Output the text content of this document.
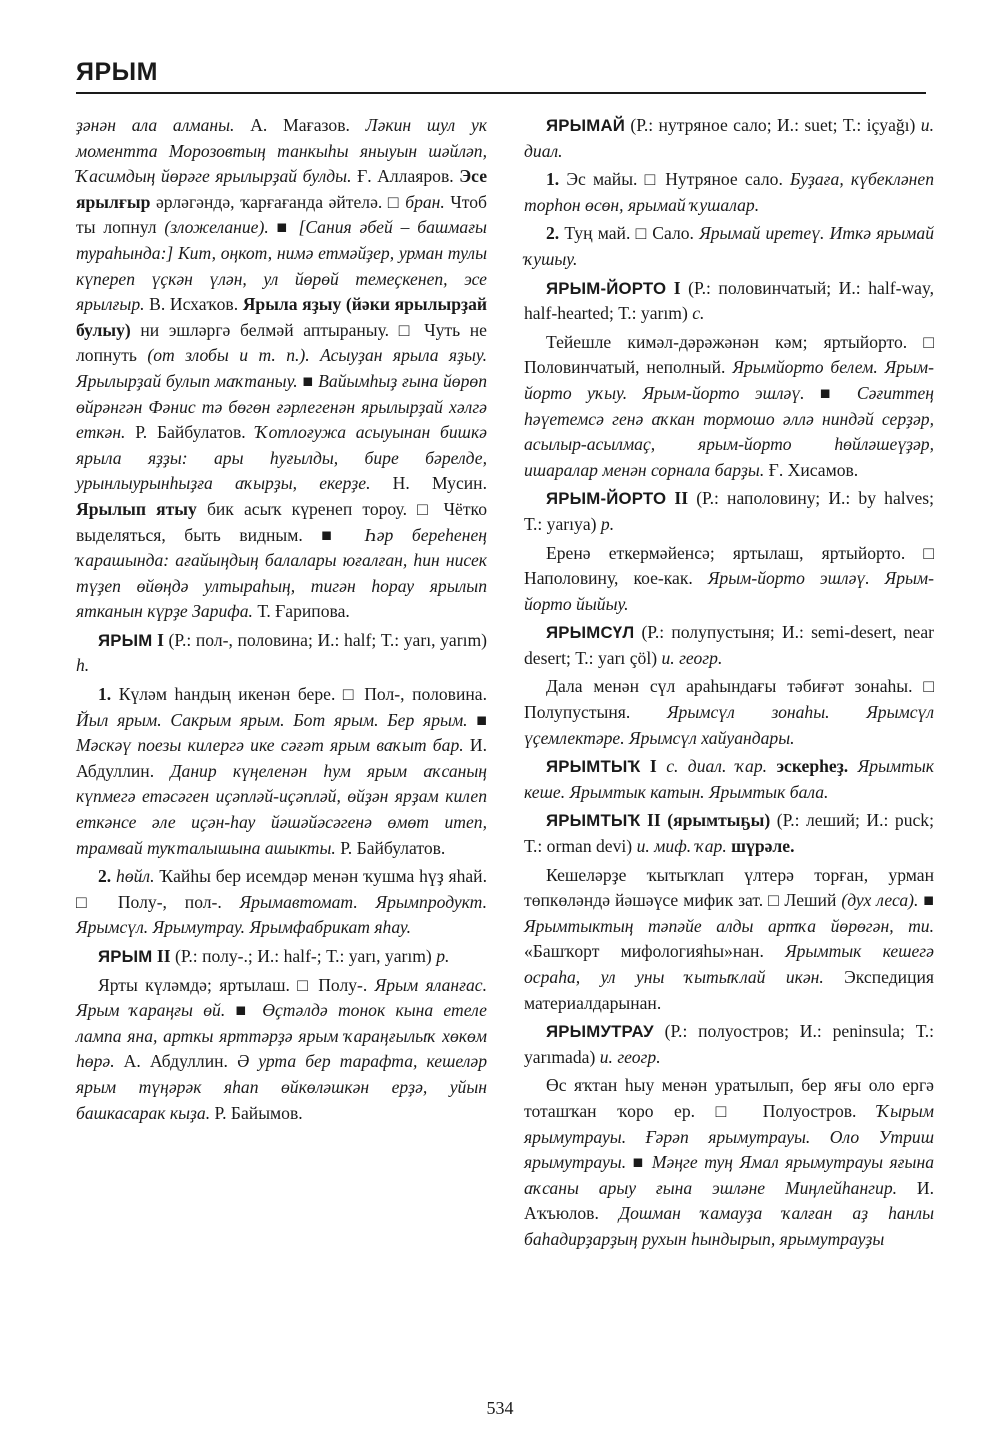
ЯРЫМ

ҙәнән ала алманы. А. Мағазов. Ләкин шул ук моментта Морозовтың танкыһы яныуын шәйләп, Ҡасимдың йөрәге ярылырҙай булды. Ғ. Аллаяров. Эсе ярылғыр әрләгәндә, ҡарғағанда әйтелә. □ бран. Чтоб ты лопнул (зложелание). ■ [Сания әбей – башмағы тураһында:] Кит, оңкот, нимә етмәйҙер, урман тулы күпереп үҫкән үлән, ул йөрөй темеҫкенеп, эсе ярылғыр. В. Исхаҡов. Ярыла яҙыу (йәки ярылырҙай булыу) ни эшләргә белмәй аптыраныу. □ Чуть не лопнуть (от злобы и т. п.). Асыуҙан ярыла яҙыу. Ярылырҙай булып маҡтаныу. ■ Вайымһыҙ ғына йөрөп өйрәнгән Фәнис тә бөгөн ғәрлегенән ярылырҙай хәлгә еткән. Р. Байбулатов. Ҡотлоғужа асыуынан бишкә ярыла яҙҙы: ары һуғылды, бире бәрелде, урынлыурынһыҙға аҡырҙы, екерҙе. Н. Мусин. Ярылып ятыу бик асыҡ күренеп тороу. □ Чётко выделяться, быть видным. ■ Һәр береһенең ҡарашында: ағайыңдың балалары юғалған, һин нисек түҙеп өйөңдә ултыраһың, тигән һорау ярылып ятканын күрҙе Зарифа. Т. Ғарипова.

ЯРЫМ I (Р.: пол-, половина; И.: half; Т.: yarı, yarım) h.

1. Күләм һандың икенән бере. □ Пол-, половина. Йыл ярым. Сакрым ярым. Бот ярым. Бер ярым. ■ Мәскәү поезы килергә ике сәғәт ярым ваҡыт бар. И. Абдуллин. Данир күңеленән һум ярым аҡсаның күпмегә етәсәген иҫәпләй-иҫәпләй, өйҙән ярҙам килеп еткәнсе әле иҫән-һау йәшәйәсәгенә өмөт итеп, трамвай туҡталышына ашыкты. Р. Байбулатов.

2. һөйл. Ҡайһы бер исемдәр менән ҡушма һүҙ яһай. □ Полу-, пол-. Ярымавтомат. Ярымпродукт. Ярымсүл. Ярымутрау. Ярымфабрикат яһау.

ЯРЫМ II (Р.: полу-.; И.: half-; Т.: yarı, yarım) p.

Ярты күләмдә; яртылаш. □ Полу-. Ярым яланғас. Ярым ҡараңғы өй. ■ Өҫтәлдә тонок кына етеле лампа яна, арткы ярттәрҙә ярым ҡараңғылыҡ хөкөм һөрә. А. Абдуллин. Ә урта бер тарафта, кешеләр ярым түңәрәк яһап өйкөләшкән ерҙә, уйын башкасарак кыҙа. Р. Байымов.

ЯРЫМАЙ (Р.: нутряное сало; И.: suet; Т.: içyağı) и. диал.

1. Эс майы. □ Нутряное сало. Буҙаға, күбекләнеп торһон өсөн, ярымай ҡушалар.

2. Туң май. □ Сало. Ярымай иретеү. Иткә ярымай ҡушыу.

ЯРЫМ-ЙОРТО I (Р.: половинчатый; И.: half-way, half-hearted; Т.: yarım) с.

Тейешле кимәл-дәрәжәнән кәм; яртыйорто. □ Половинчатый, неполный. Ярымйорто белем. Ярым-йорто уҡыу. Ярым-йорто эшләү. ■ Сәғиттең һәүетемсә генә аҡкан тормошо әллә ниндәй серҙәр, асылыр-асылмаҫ, ярым-йорто һөйләшеүҙәр, ишаралар менән сорнала барҙы. Ғ. Хисамов.

ЯРЫМ-ЙОРТО II (Р.: наполовину; И.: by halves; Т.: yarıya) р.

Еренә еткермәйенсә; яртылаш, яртыйорто. □ Наполовину, кое-как. Ярым-йорто эшләү. Ярым-йорто йыйыу.

ЯРЫМСҮЛ (Р.: полупустыня; И.: semi-desert, near desert; Т.: yarı çöl) и. геогр.

Дала менән сүл араһындағы тәбиғәт зонаһы. □ Полупустыня. Ярымсүл зонаһы. Ярымсүл үҫемлектәре. Ярымсүл хайуандары.

ЯРЫМТЫҠ I с. диал. ҡар. эскерһеҙ. Ярымтык кеше. Ярымтык катын. Ярымтык бала.

ЯРЫМТЫҠ II (ярымтыҕы) (Р.: леший; И.: puck; Т.: orman devi) и. миф. ҡар. шүрәле.

Кешеләрҙе ҡытыҡлап үлтерә торған, урман төпкөләндә йәшәүсе мифик зат. □ Леший (дух леса). ■ Ярымтыктың тәпәйе алды артҡа йөрөгән, ти. «Башҡорт мифологияһы»нан. Ярымтык кешегә осраһа, ул уны ҡытыҡлай икән. Экспедиция материалдарынан.

ЯРЫМУТРАУ (Р.: полуостров; И.: peninsula; Т.: yarımada) и. геогр.

Өс яҡтан һыу менән уратылып, бер яғы оло ергә тоташҡан ҡоро ер. □ Полуостров. Ҡырым ярымутрауы. Ғәрәп ярымутрауы. Оло Утриш ярымутрауы. ■ Мәңге туң Ямал ярымутрауы яғына аҡсаны арыу ғына эшләне Миңлейһангир. И. Аҡъюлов. Дошман ҡамауҙа ҡалған аҙ һанлы баһадирҙарҙың рухын һындырып, ярымутрауҙы

534
